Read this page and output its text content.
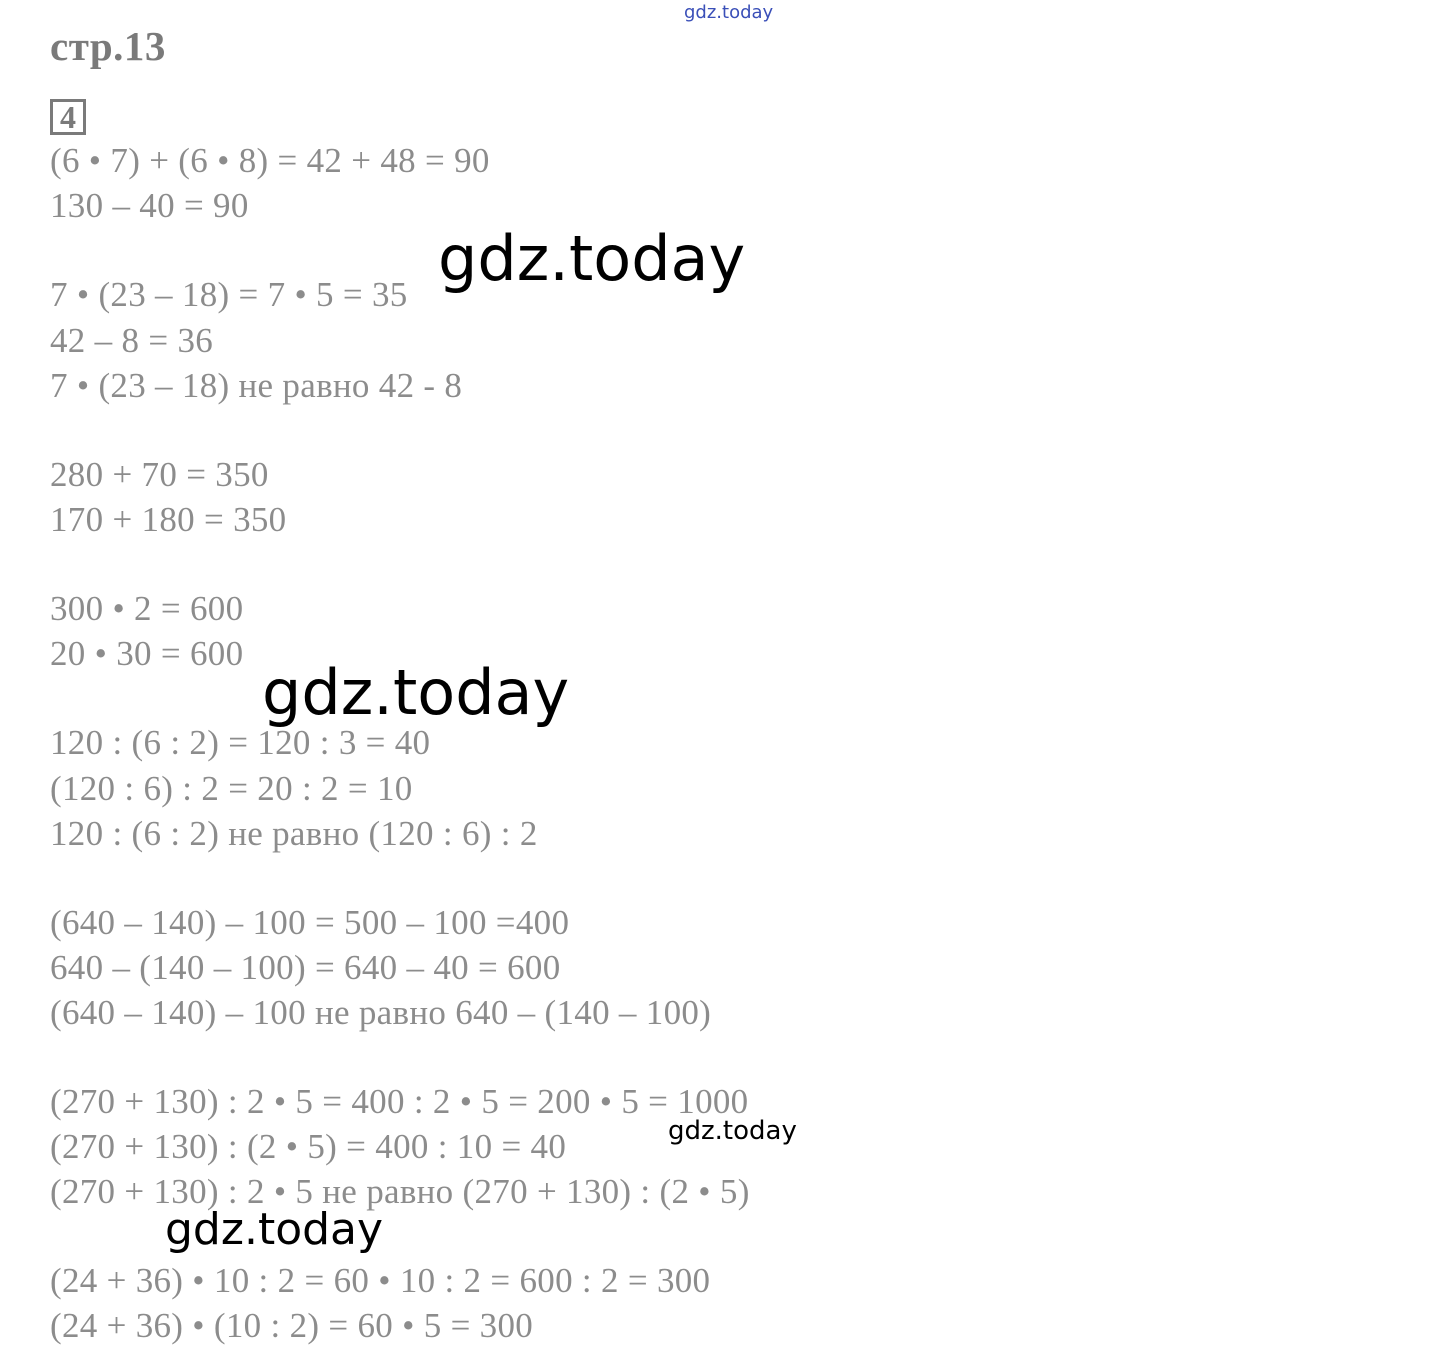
gdz.today
стр.13
4
(6 • 7) + (6 • 8) = 42 + 48 = 90
130 – 40 = 90
7 • (23 – 18) = 7 • 5 = 35
42 – 8 = 36
7 • (23 – 18) не равно 42 - 8
280 + 70 = 350
170 + 180 = 350
300 • 2 = 600
20 • 30 = 600
120 : (6 : 2) = 120 : 3 = 40
(120 : 6) : 2 = 20 : 2 = 10
120 : (6 : 2) не равно (120 : 6) : 2
(640 – 140) – 100 = 500 – 100 =400
640 – (140 – 100) = 640 – 40 = 600
(640 – 140) – 100 не равно 640 – (140 – 100)
(270 + 130) : 2 • 5 = 400 : 2 • 5 = 200 • 5 = 1000
(270 + 130) : (2 • 5) = 400 : 10 = 40
(270 + 130) : 2 • 5 не равно (270 + 130) : (2 • 5)
(24 + 36) • 10 : 2 = 60 • 10 : 2 = 600 : 2 = 300
(24 + 36) • (10 : 2) = 60 • 5 = 300
gdz.today
gdz.today
gdz.today
gdz.today
